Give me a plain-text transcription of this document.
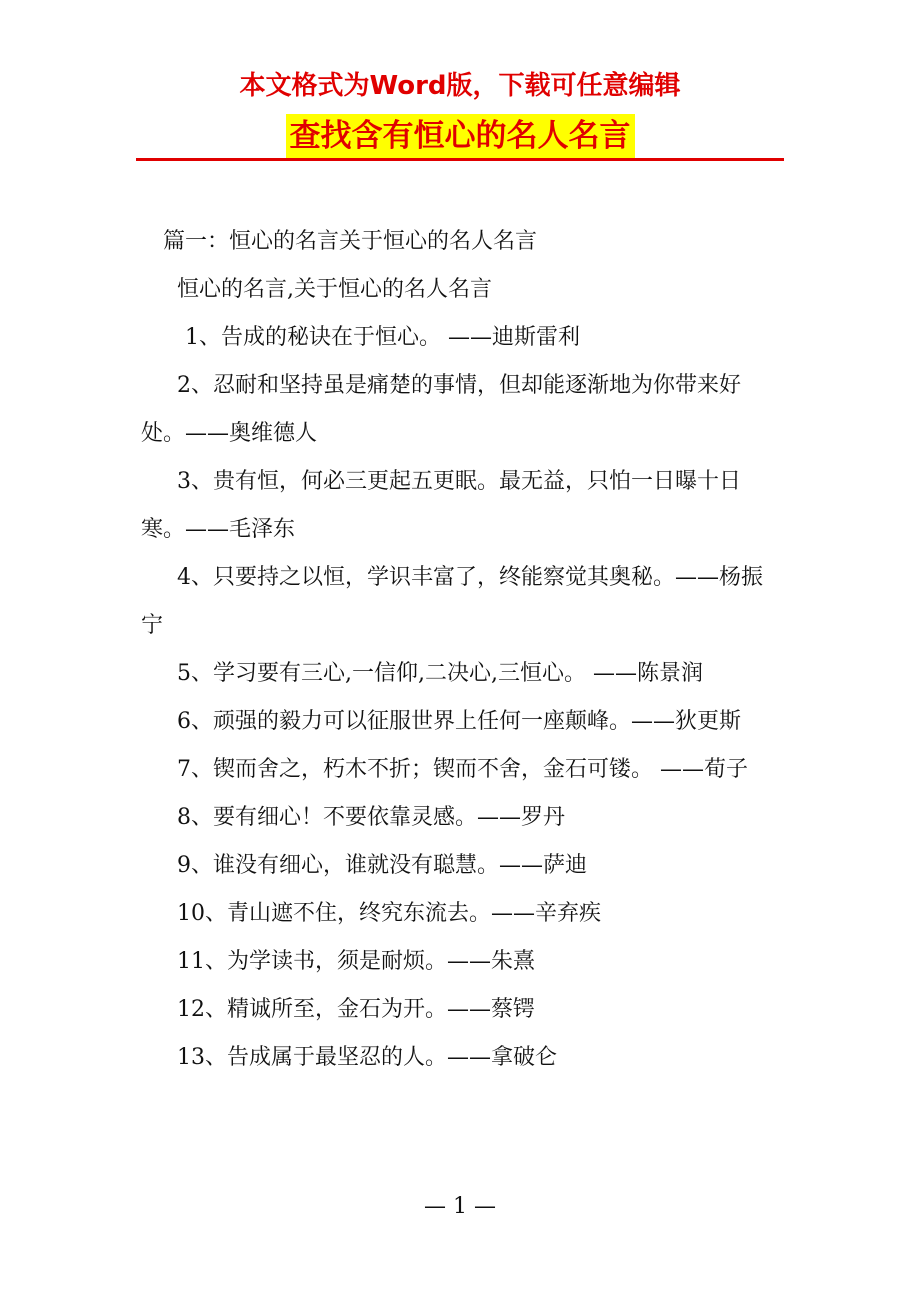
本文格式为Word版，下载可任意编辑
查找含有恒心的名人名言

篇一：恒心的名言关于恒心的名人名言

恒心的名言,关于恒心的名人名言

1、告成的秘诀在于恒心。 ——迪斯雷利

2、忍耐和坚持虽是痛楚的事情，但却能逐渐地为你带来好处。——奥维德人

3、贵有恒，何必三更起五更眠。最无益，只怕一日曝十日寒。——毛泽东

4、只要持之以恒，学识丰富了，终能察觉其奥秘。——杨振宁

5、学习要有三心,一信仰,二决心,三恒心。 ——陈景润

6、顽强的毅力可以征服世界上任何一座颠峰。——狄更斯

7、锲而舍之，朽木不折；锲而不舍，金石可镂。 ——荀子

8、要有细心！不要依靠灵感。——罗丹

9、谁没有细心，谁就没有聪慧。——萨迪

10、青山遮不住，终究东流去。——辛弃疾

11、为学读书，须是耐烦。——朱熹

12、精诚所至，金石为开。——蔡锷

13、告成属于最坚忍的人。——拿破仑

— 1 —
